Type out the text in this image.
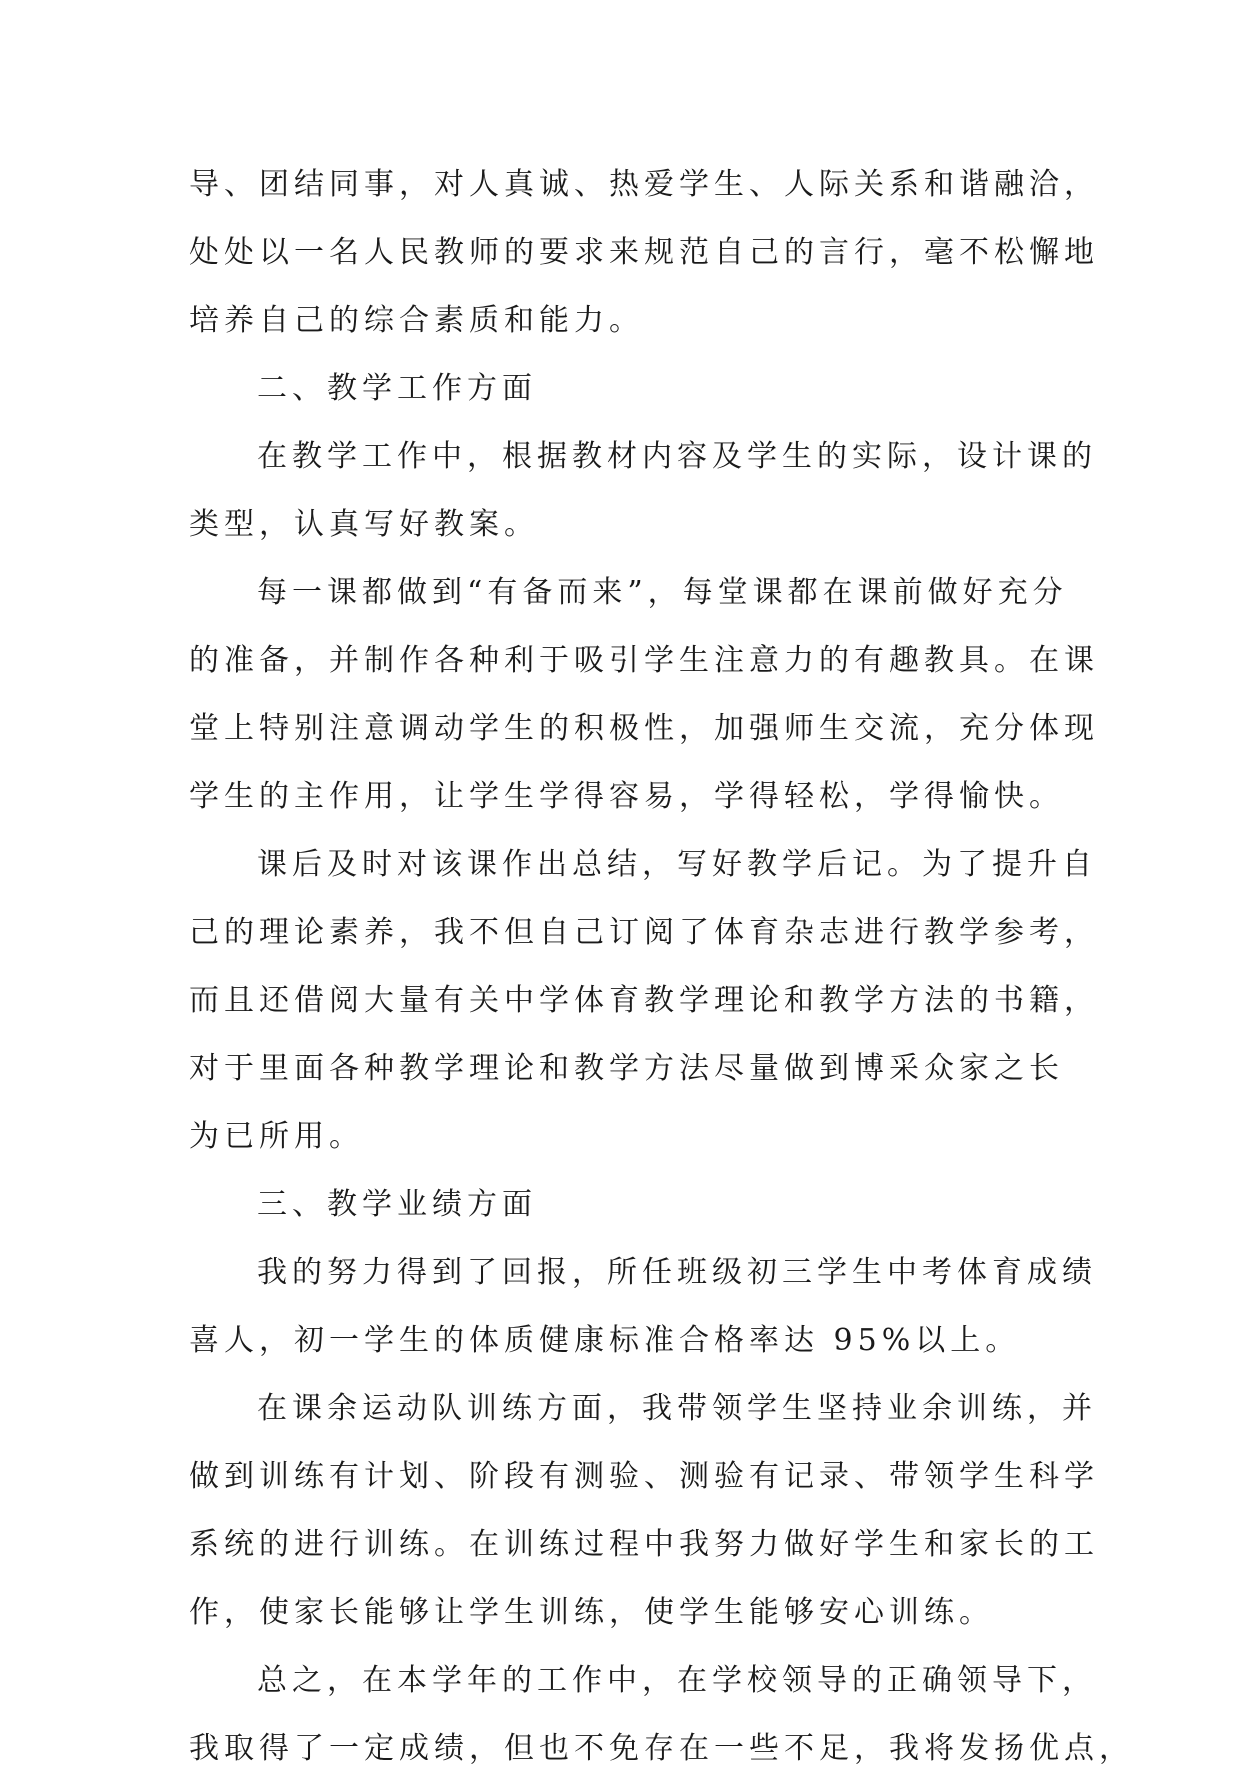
导、团结同事，对人真诚、热爱学生、人际关系和谐融洽，
处处以一名人民教师的要求来规范自己的言行，毫不松懈地
培养自己的综合素质和能力。
二、教学工作方面
在教学工作中，根据教材内容及学生的实际，设计课的
类型，认真写好教案。
每一课都做到“有备而来”，每堂课都在课前做好充分
的准备，并制作各种利于吸引学生注意力的有趣教具。在课
堂上特别注意调动学生的积极性，加强师生交流，充分体现
学生的主作用，让学生学得容易，学得轻松，学得愉快。
课后及时对该课作出总结，写好教学后记。为了提升自
己的理论素养，我不但自己订阅了体育杂志进行教学参考，
而且还借阅大量有关中学体育教学理论和教学方法的书籍，
对于里面各种教学理论和教学方法尽量做到博采众家之长
为已所用。
三、教学业绩方面
我的努力得到了回报，所任班级初三学生中考体育成绩
喜人，初一学生的体质健康标准合格率达 95%以上。
在课余运动队训练方面，我带领学生坚持业余训练，并
做到训练有计划、阶段有测验、测验有记录、带领学生科学
系统的进行训练。在训练过程中我努力做好学生和家长的工
作，使家长能够让学生训练，使学生能够安心训练。
总之，在本学年的工作中，在学校领导的正确领导下，
我取得了一定成绩，但也不免存在一些不足，我将发扬优点，
